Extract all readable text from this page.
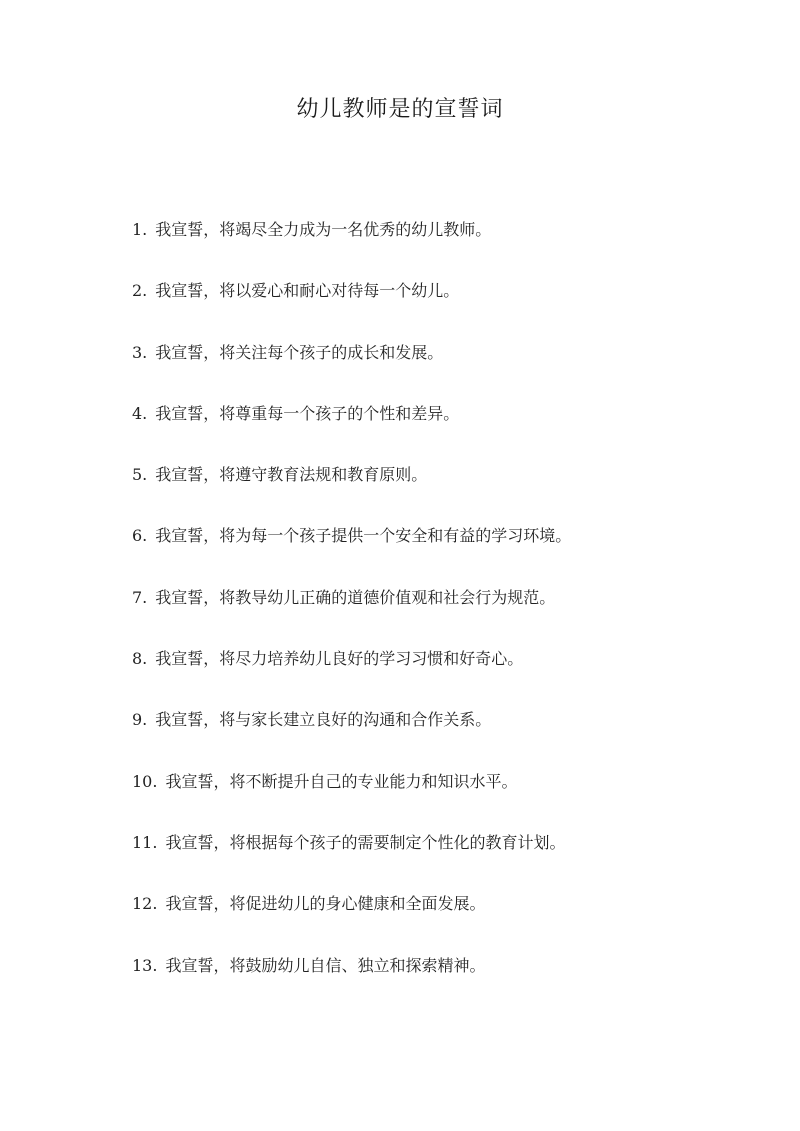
幼儿教师是的宣誓词
1. 我宣誓，将竭尽全力成为一名优秀的幼儿教师。
2. 我宣誓，将以爱心和耐心对待每一个幼儿。
3. 我宣誓，将关注每个孩子的成长和发展。
4. 我宣誓，将尊重每一个孩子的个性和差异。
5. 我宣誓，将遵守教育法规和教育原则。
6. 我宣誓，将为每一个孩子提供一个安全和有益的学习环境。
7. 我宣誓，将教导幼儿正确的道德价值观和社会行为规范。
8. 我宣誓，将尽力培养幼儿良好的学习习惯和好奇心。
9. 我宣誓，将与家长建立良好的沟通和合作关系。
10. 我宣誓，将不断提升自己的专业能力和知识水平。
11. 我宣誓，将根据每个孩子的需要制定个性化的教育计划。
12. 我宣誓，将促进幼儿的身心健康和全面发展。
13. 我宣誓，将鼓励幼儿自信、独立和探索精神。
